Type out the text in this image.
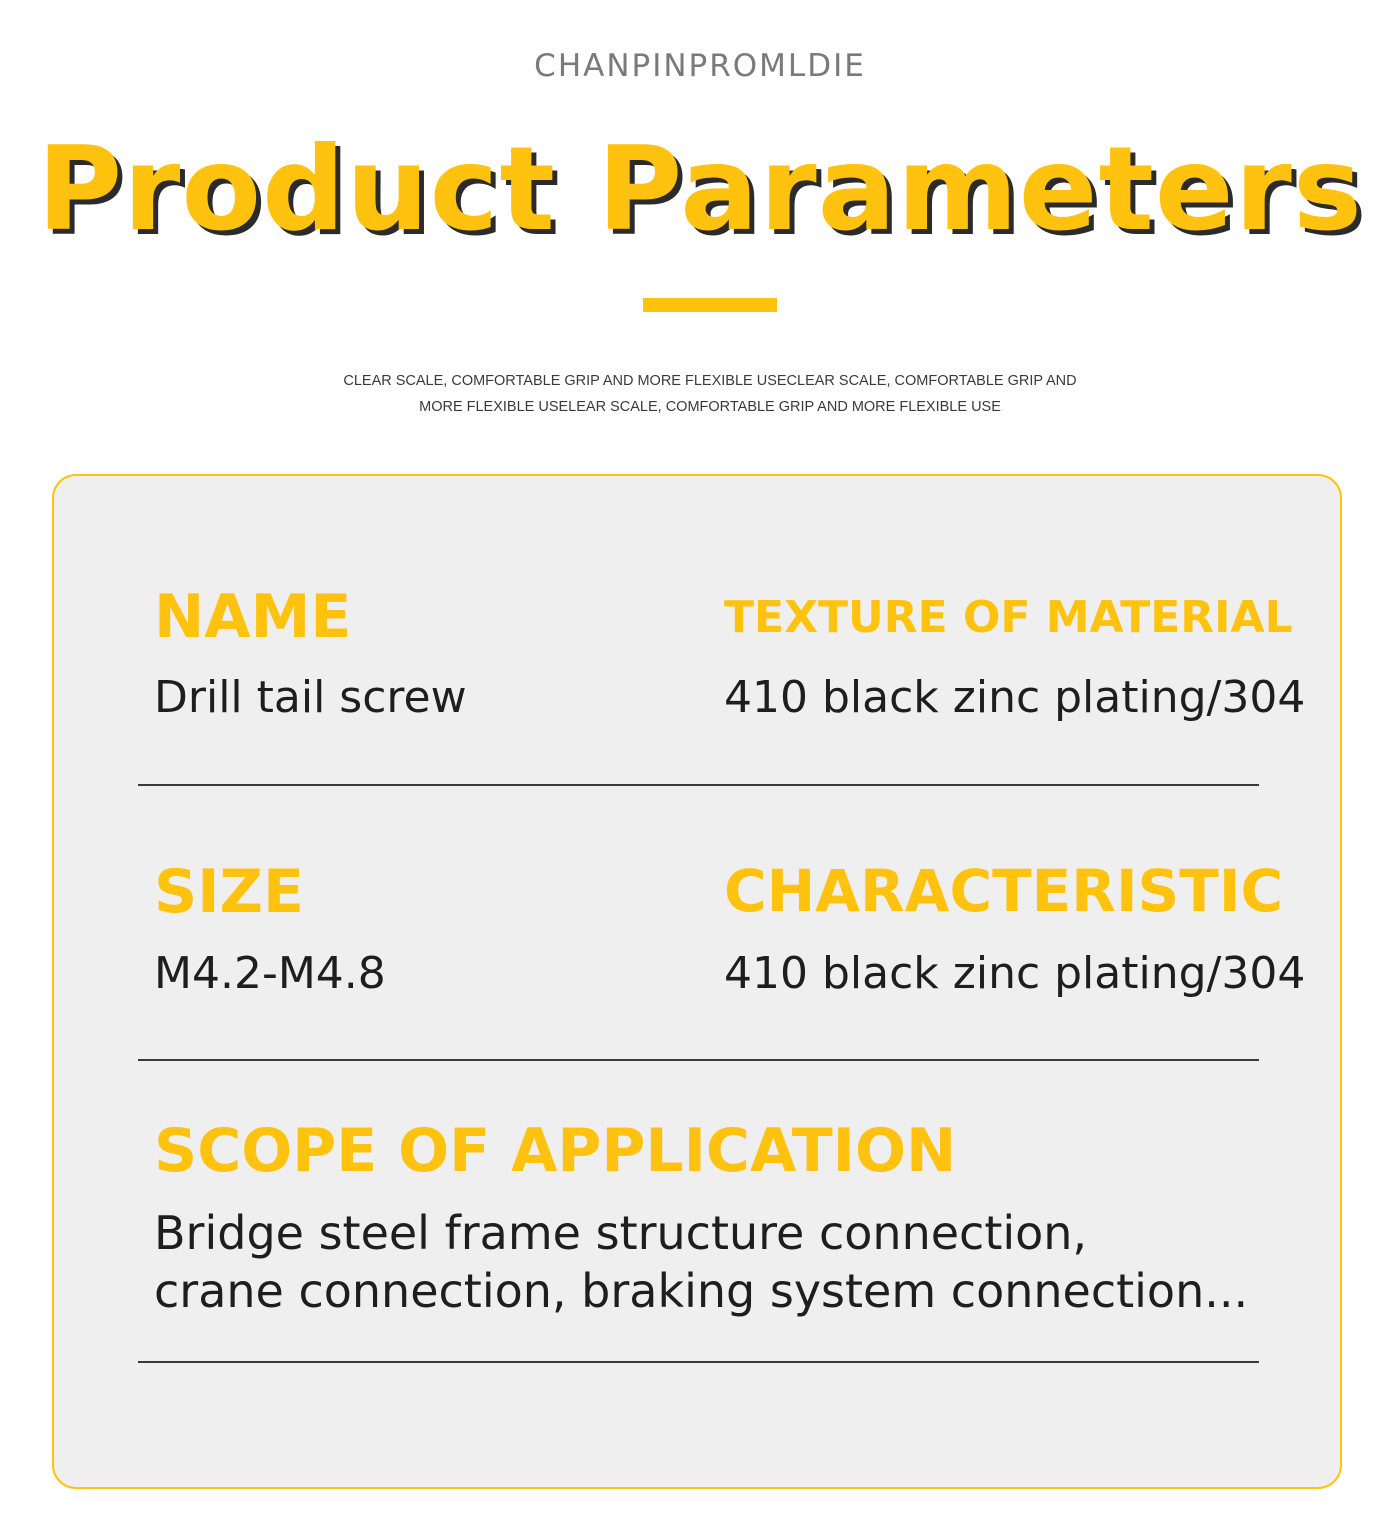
CHANPINPROMLDIE
Product Parameters
CLEAR SCALE, COMFORTABLE GRIP AND MORE FLEXIBLE USECLEAR SCALE, COMFORTABLE GRIP AND
MORE FLEXIBLE USELEAR SCALE, COMFORTABLE GRIP AND MORE FLEXIBLE USE
NAME
Drill tail screw
TEXTURE OF MATERIAL
410 black zinc plating/304
SIZE
M4.2-M4.8
CHARACTERISTIC
410 black zinc plating/304
SCOPE OF APPLICATION
Bridge steel frame structure connection,
crane connection, braking system connection...
